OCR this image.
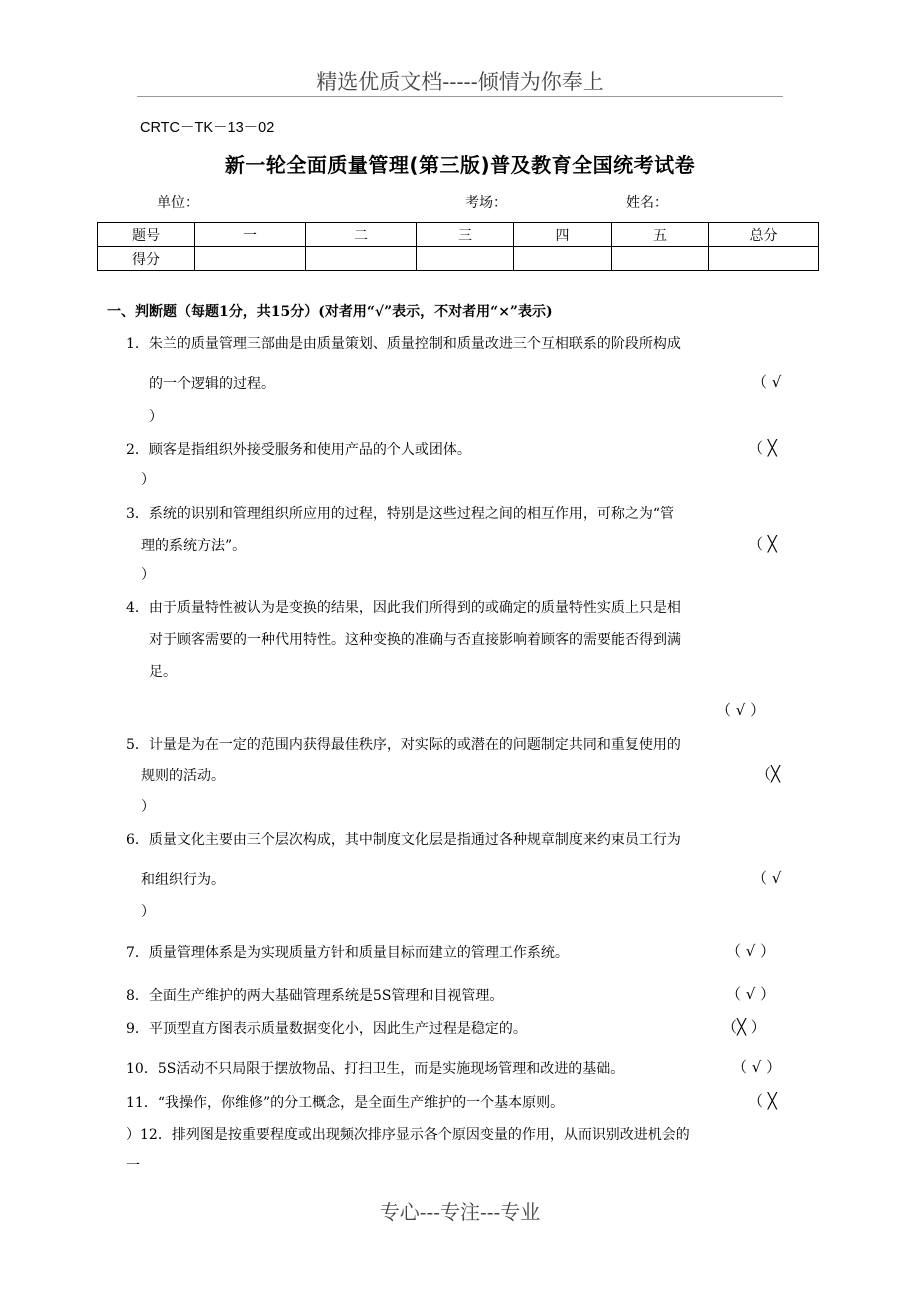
精选优质文档-----倾情为你奉上
CRTC－TK－13－02
新一轮全面质量管理(第三版)普及教育全国统考试卷
单位：	考场：	姓名：
题号	一	二	三	四	五	总分
得分						
一、判断题（每题1分，共15分）(对者用“√”表示，不对者用“×”表示)
1．朱兰的质量管理三部曲是由质量策划、质量控制和质量改进三个互相联系的阶段所构成
的一个逻辑的过程。	（ √
）
2．顾客是指组织外接受服务和使用产品的个人或团体。	（ ╳
）
3．系统的识别和管理组织所应用的过程，特别是这些过程之间的相互作用，可称之为“管
理的系统方法”。	（ ╳
）
4．由于质量特性被认为是变换的结果，因此我们所得到的或确定的质量特性实质上只是相
对于顾客需要的一种代用特性。这种变换的准确与否直接影响着顾客的需要能否得到满
足。
（ √ ）
5．计量是为在一定的范围内获得最佳秩序，对实际的或潜在的问题制定共同和重复使用的
规则的活动。	（╳
）
6．质量文化主要由三个层次构成，其中制度文化层是指通过各种规章制度来约束员工行为
和组织行为。	（ √
）
7．质量管理体系是为实现质量方针和质量目标而建立的管理工作系统。	（ √ ）
8．全面生产维护的两大基础管理系统是5S管理和目视管理。	（ √ ）
9．平顶型直方图表示质量数据变化小，因此生产过程是稳定的。	（╳ ）
10．5S活动不只局限于摆放物品、打扫卫生，而是实施现场管理和改进的基础。	（ √ ）
11．“我操作，你维修”的分工概念，是全面生产维护的一个基本原则。	（ ╳
）12．排列图是按重要程度或出现频次排序显示各个原因变量的作用，从而识别改进机会的
一
专心---专注---专业
